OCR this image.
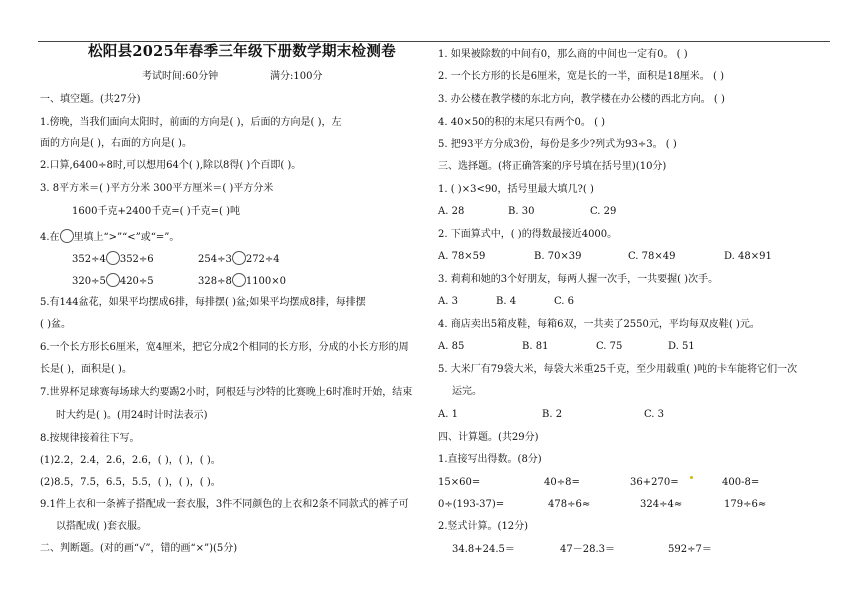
松阳县2025年春季三年级下册数学期末检测卷
考试时间:60分钟	满分:100分
一、填空题。(共27分)
1.傍晚，当我们面向太阳时，前面的方向是( )，后面的方向是( )，左
面的方向是( )，右面的方向是( )。
2.口算,6400÷8时,可以想用64个( ),除以8得( )个百即( )。
3. 8平方米＝( )平方分米 300平方厘米＝( )平方分米
1600千克+2400千克=( )千克=( )吨
4.在 里填上“>”“<”或“=”。
352÷4 352÷6	254÷3 272÷4
320÷5 420÷5	328÷8 1100×0
5.有144盆花，如果平均摆成6排，每排摆( )盆;如果平均摆成8排，每排摆
( )盆。
6.一个长方形长6厘米，宽4厘米，把它分成2个相同的长方形，分成的小长方形的周
长是( )，面积是( )。
7.世界杯足球赛每场球大约要踢2小时，阿根廷与沙特的比赛晚上6时准时开始，结束
时大约是( )。(用24时计时法表示)
8.按规律接着往下写。
(1)2.2，2.4，2.6，2.6，( )，( )，( )。
(2)8.5，7.5，6.5，5.5，( )，( )，( )。
9.1件上衣和一条裤子搭配成一套衣服，3件不同颜色的上衣和2条不同款式的裤子可
以搭配成( )套衣服。
二、判断题。(对的画“√”，错的画“×”)(5分)
1. 如果被除数的中间有0，那么商的中间也一定有0。 ( )
2. 一个长方形的长是6厘米，宽是长的一半，面积是18厘米。 ( )
3. 办公楼在教学楼的东北方向，教学楼在办公楼的西北方向。 ( )
4. 40×50的积的末尾只有两个0。 ( )
5. 把93平方分成3份，每份是多少?列式为93÷3。 ( )
三、选择题。(将正确答案的序号填在括号里)(10分)
1. ( )×3<90，括号里最大填几?( )
A. 28	B. 30	C. 29
2. 下面算式中，( )的得数最接近4000。
A. 78×59	B. 70×39	C. 78×49	D. 48×91
3. 莉莉和她的3个好朋友，每两人握一次手，一共要握( )次手。
A. 3	B. 4	C. 6
4. 商店卖出5箱皮鞋，每箱6双，一共卖了2550元，平均每双皮鞋( )元。
A. 85	B. 81	C. 75	D. 51
5. 大米厂有79袋大米，每袋大米重25千克，至少用载重( )吨的卡车能将它们一次
运完。
A. 1	B. 2	C. 3
四、计算题。(共29分)
1.直接写出得数。(8分)
15×60=	40÷8=	36+270=	400-8=
0÷(193-37)=	478÷6≈	324÷4≈	179÷6≈
2.竖式计算。(12分)
34.8+24.5＝	47－28.3＝	592÷7＝
